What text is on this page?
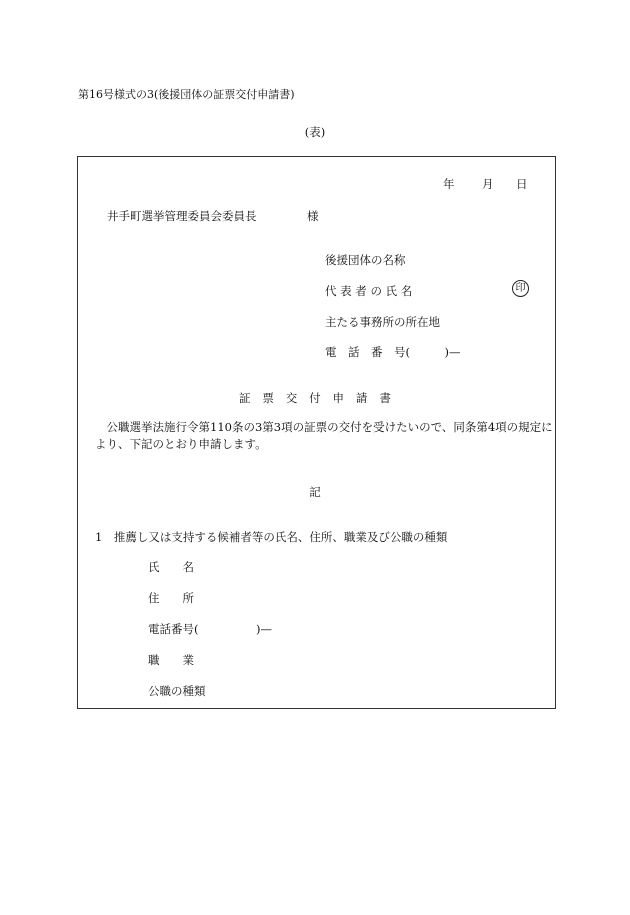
第16号様式の3(後援団体の証票交付申請書)
(表)
年 月 日
井手町選挙管理委員会委員長	様
後援団体の名称
代 表 者 の 氏 名	印
主たる事務所の所在地
電　話　番　号(　　　)—
証　票　交　付　申　請　書
　公職選挙法施行令第110条の3第3項の証票の交付を受けたいので、同条第4項の規定により、下記のとおり申請します。
記
1　推薦し又は支持する候補者等の氏名、住所、職業及び公職の種類
氏　　名
住　　所
電話番号(　　　　　)—
職　　業
公職の種類
